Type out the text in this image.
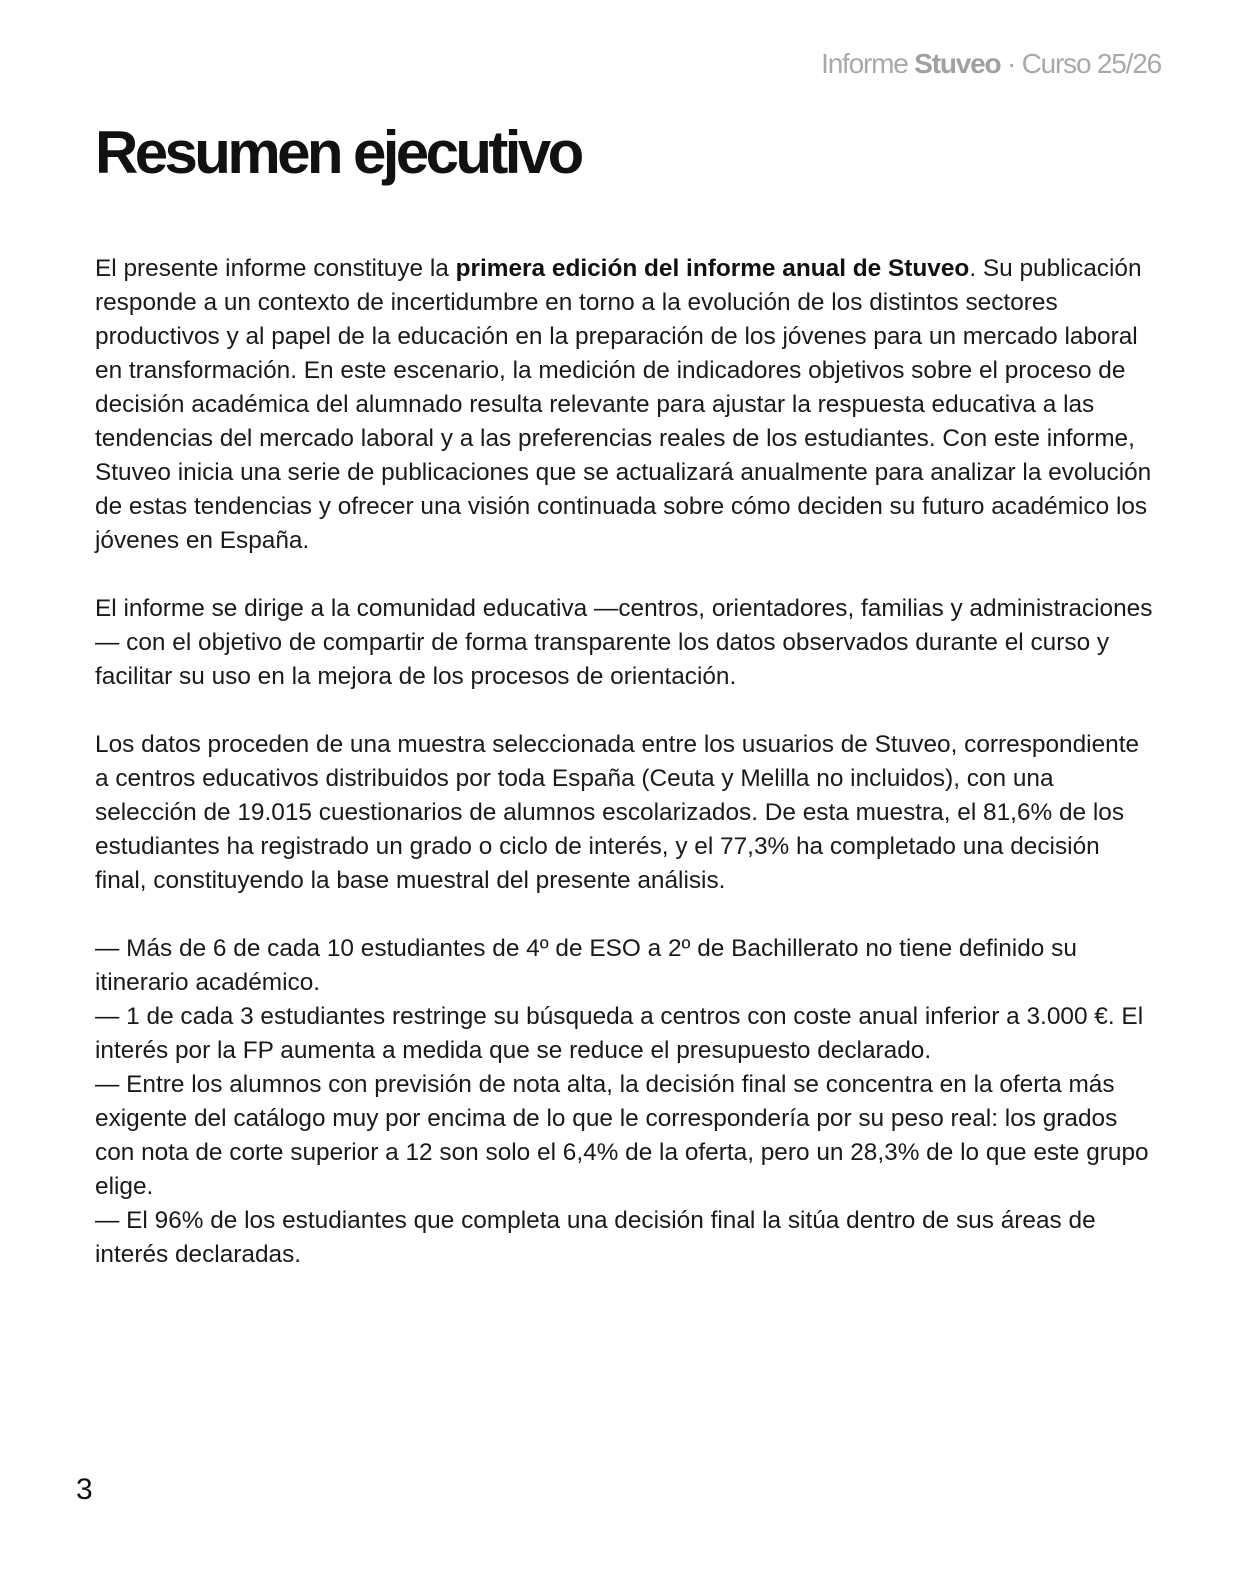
Informe Stuveo · Curso 25/26
Resumen ejecutivo

El presente informe constituye la primera edición del informe anual de Stuveo. Su publicación responde a un contexto de incertidumbre en torno a la evolución de los distintos sectores productivos y al papel de la educación en la preparación de los jóvenes para un mercado laboral en transformación. En este escenario, la medición de indicadores objetivos sobre el proceso de decisión académica del alumnado resulta relevante para ajustar la respuesta educativa a las tendencias del mercado laboral y a las preferencias reales de los estudiantes. Con este informe, Stuveo inicia una serie de publicaciones que se actualizará anualmente para analizar la evolución de estas tendencias y ofrecer una visión continuada sobre cómo deciden su futuro académico los jóvenes en España.

El informe se dirige a la comunidad educativa —centros, orientadores, familias y administraciones— con el objetivo de compartir de forma transparente los datos observados durante el curso y facilitar su uso en la mejora de los procesos de orientación.

Los datos proceden de una muestra seleccionada entre los usuarios de Stuveo, correspondiente a centros educativos distribuidos por toda España (Ceuta y Melilla no incluidos), con una selección de 19.015 cuestionarios de alumnos escolarizados. De esta muestra, el 81,6% de los estudiantes ha registrado un grado o ciclo de interés, y el 77,3% ha completado una decisión final, constituyendo la base muestral del presente análisis.

— Más de 6 de cada 10 estudiantes de 4º de ESO a 2º de Bachillerato no tiene definido su itinerario académico.
— 1 de cada 3 estudiantes restringe su búsqueda a centros con coste anual inferior a 3.000 €. El interés por la FP aumenta a medida que se reduce el presupuesto declarado.
— Entre los alumnos con previsión de nota alta, la decisión final se concentra en la oferta más exigente del catálogo muy por encima de lo que le correspondería por su peso real: los grados con nota de corte superior a 12 son solo el 6,4% de la oferta, pero un 28,3% de lo que este grupo elige.
— El 96% de los estudiantes que completa una decisión final la sitúa dentro de sus áreas de interés declaradas.

3
